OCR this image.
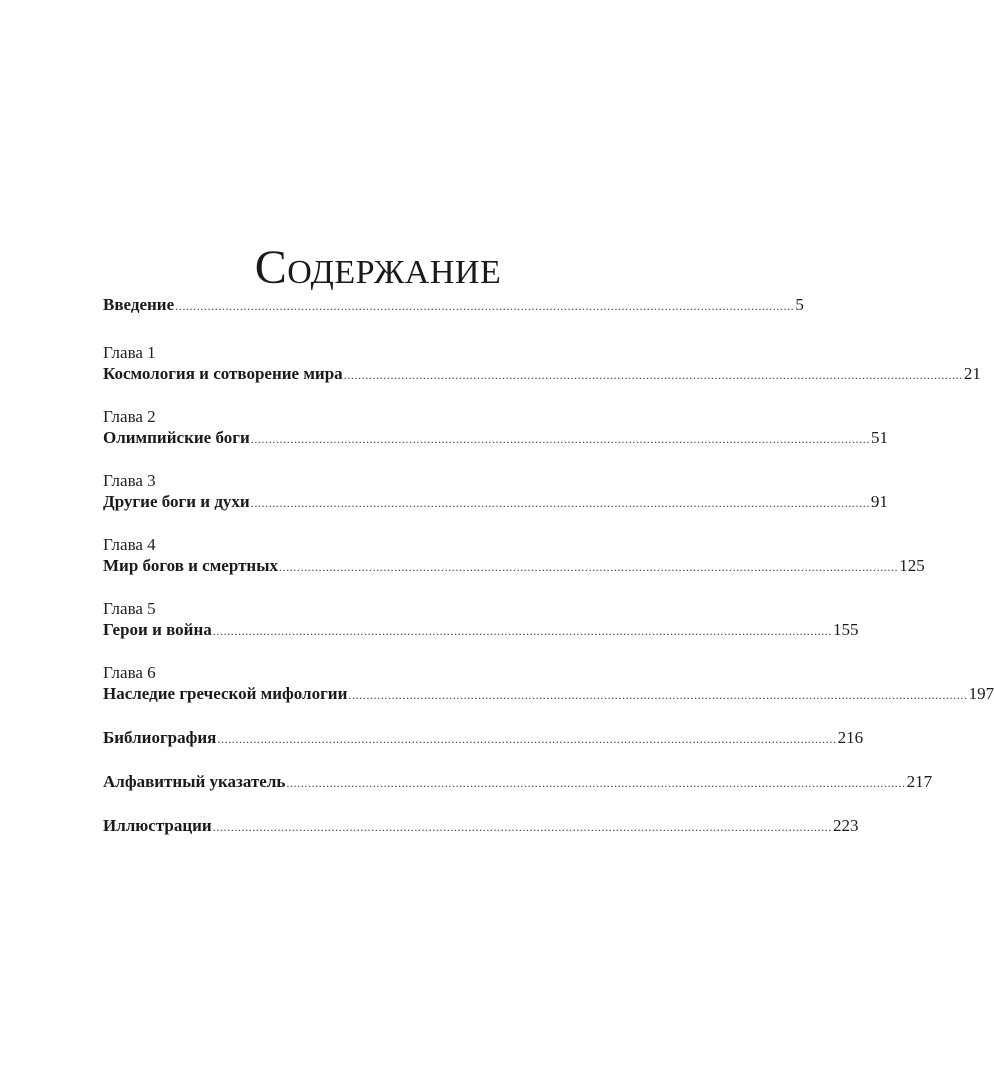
Содержание
Введение ............................................................................................................................................................................ 5
Глава 1
Космология и сотворение мира ............................................................................................................................................................................ 21
Глава 2
Олимпийские боги ............................................................................................................................................................................ 51
Глава 3
Другие боги и духи ............................................................................................................................................................................ 91
Глава 4
Мир богов и смертных ............................................................................................................................................................................ 125
Глава 5
Герои и война ............................................................................................................................................................................ 155
Глава 6
Наследие греческой мифологии ............................................................................................................................................................................ 197
Библиография ............................................................................................................................................................................ 216
Алфавитный указатель ............................................................................................................................................................................ 217
Иллюстрации ............................................................................................................................................................................ 223
